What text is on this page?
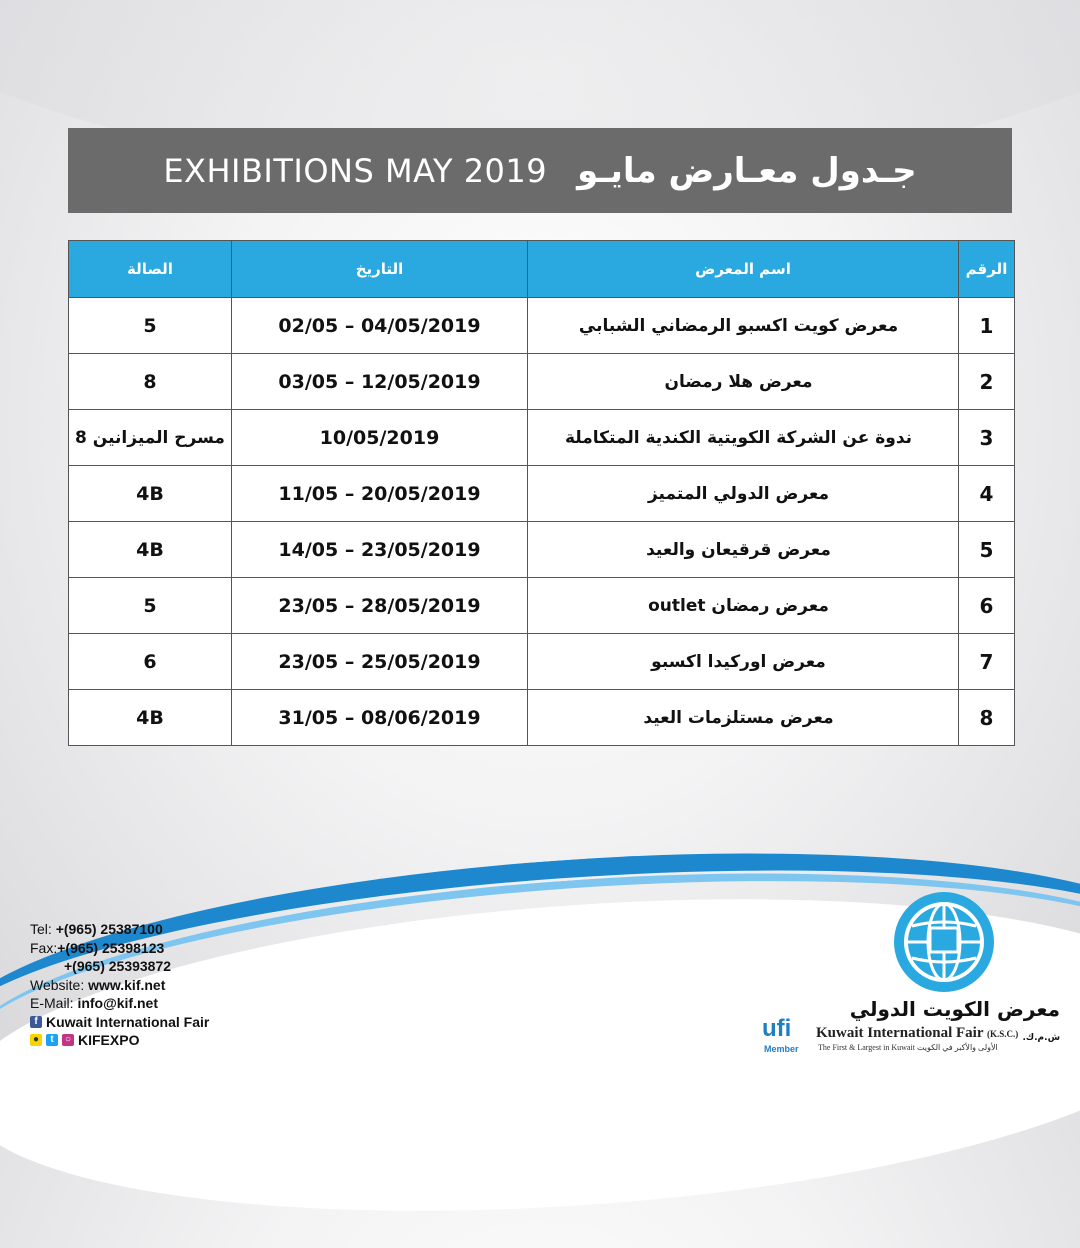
EXHIBITIONS MAY 2019 جـدول معـارض مايـو
الصالة	التاريخ	اسم المعرض	الرقم
5	02/05 – 04/05/2019	معرض كويت اكسبو الرمضاني الشبابي	1
8	03/05 – 12/05/2019	معرض هلا رمضان	2
مسرح الميزانين 8	10/05/2019	ندوة عن الشركة الكويتية الكندية المتكاملة	3
4B	11/05 – 20/05/2019	معرض الدولي المتميز	4
4B	14/05 – 23/05/2019	معرض قرقيعان والعيد	5
5	23/05 – 28/05/2019	معرض رمضان outlet	6
6	23/05 – 25/05/2019	معرض اوركيدا اكسبو	7
4B	31/05 – 08/06/2019	معرض مستلزمات العيد	8
Tel: +(965) 25387100
Fax:+(965) 25398123
+(965) 25393872
Website: www.kif.net
E-Mail: info@kif.net
f Kuwait International Fair
●	t	○ KIFEXPO	ufi
Member
معرض الكويت الدولي ش.م.ك.
Kuwait International Fair (K.S.C.)
The First & Largest in Kuwait الأولى والأكبر في الكويت
